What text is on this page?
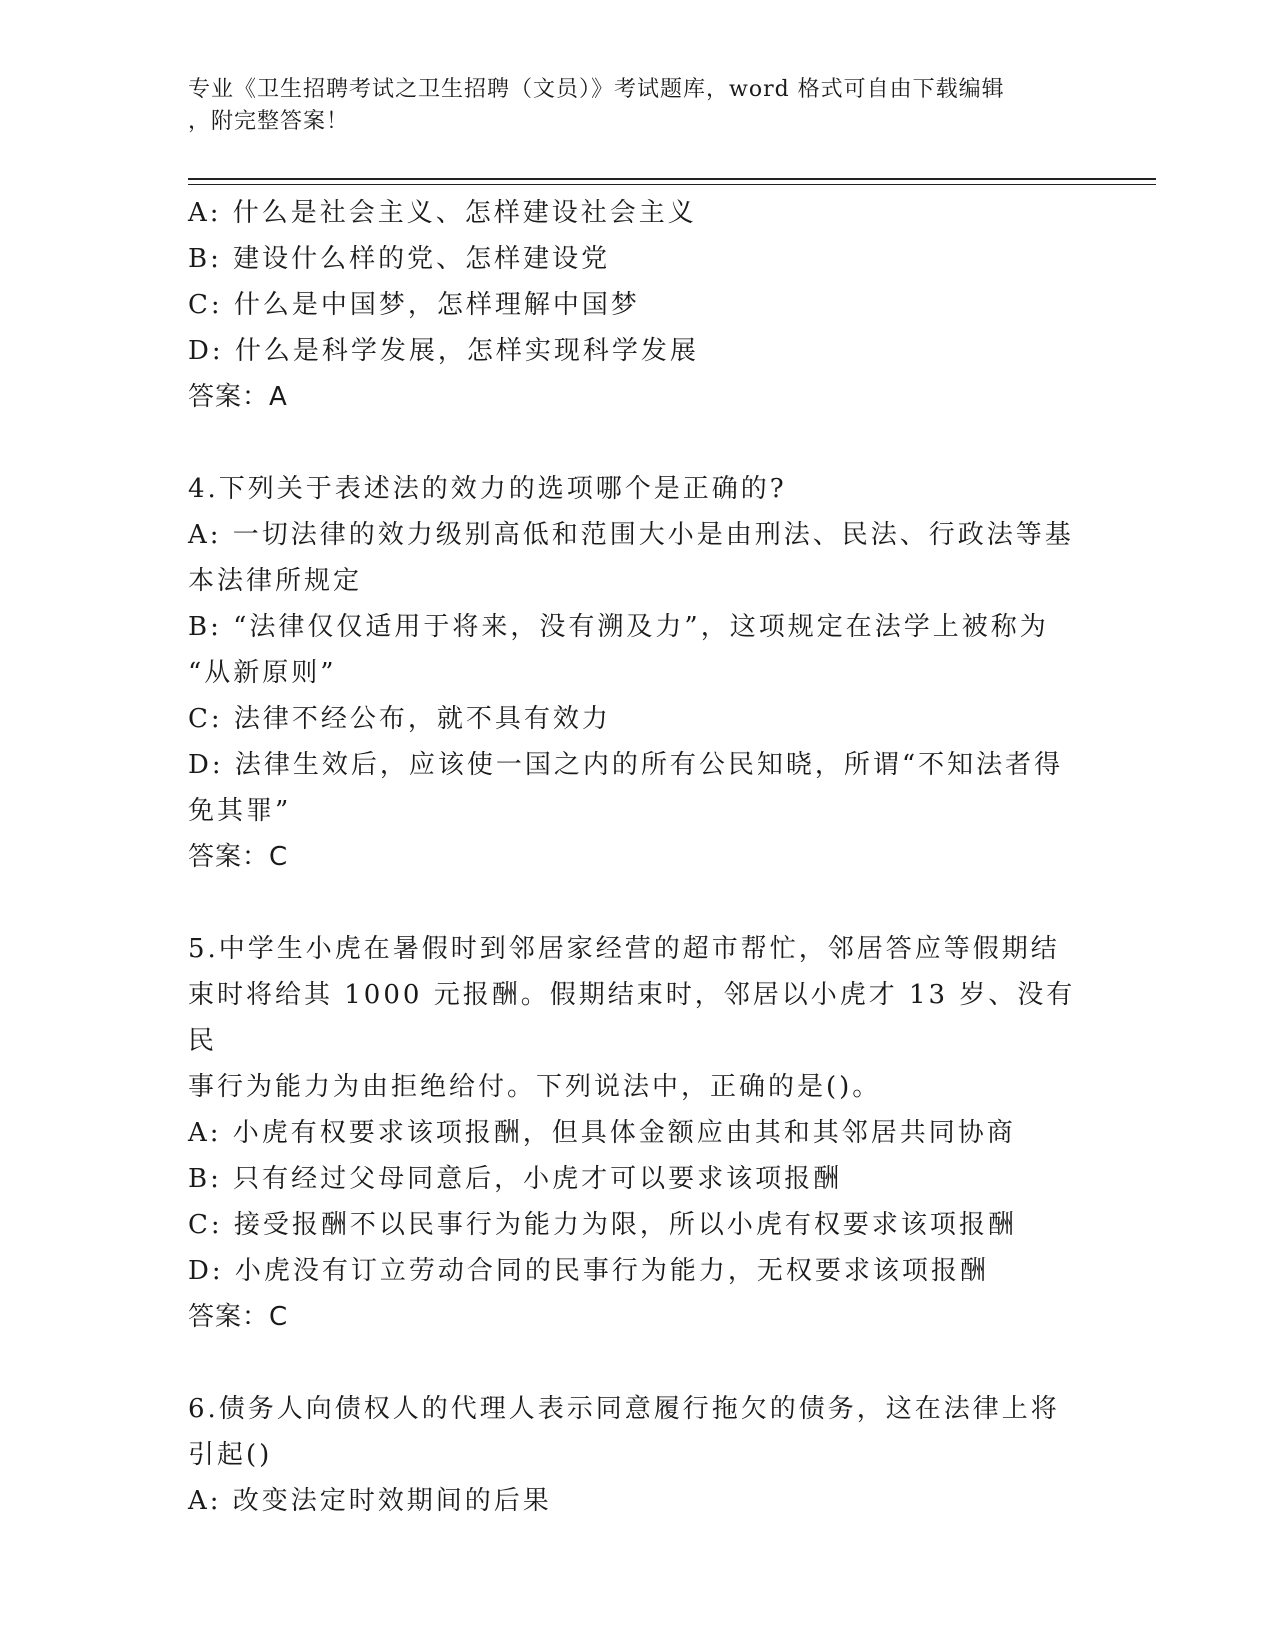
专业《卫生招聘考试之卫生招聘（文员）》考试题库，word 格式可自由下载编辑
，附完整答案！

A: 什么是社会主义、怎样建设社会主义

B: 建设什么样的党、怎样建设党

C: 什么是中国梦，怎样理解中国梦

D: 什么是科学发展，怎样实现科学发展

答案：A

4.下列关于表述法的效力的选项哪个是正确的?

A: 一切法律的效力级别高低和范围大小是由刑法、民法、行政法等基

本法律所规定

B: “法律仅仅适用于将来，没有溯及力”，这项规定在法学上被称为

“从新原则”

C: 法律不经公布，就不具有效力

D: 法律生效后，应该使一国之内的所有公民知晓，所谓“不知法者得

免其罪”

答案：C

5.中学生小虎在暑假时到邻居家经营的超市帮忙，邻居答应等假期结

束时将给其 1000 元报酬。假期结束时，邻居以小虎才 13 岁、没有民

事行为能力为由拒绝给付。下列说法中，正确的是()。

A: 小虎有权要求该项报酬，但具体金额应由其和其邻居共同协商

B: 只有经过父母同意后，小虎才可以要求该项报酬

C: 接受报酬不以民事行为能力为限，所以小虎有权要求该项报酬

D: 小虎没有订立劳动合同的民事行为能力，无权要求该项报酬

答案：C

6.债务人向债权人的代理人表示同意履行拖欠的债务，这在法律上将

引起()

A: 改变法定时效期间的后果
